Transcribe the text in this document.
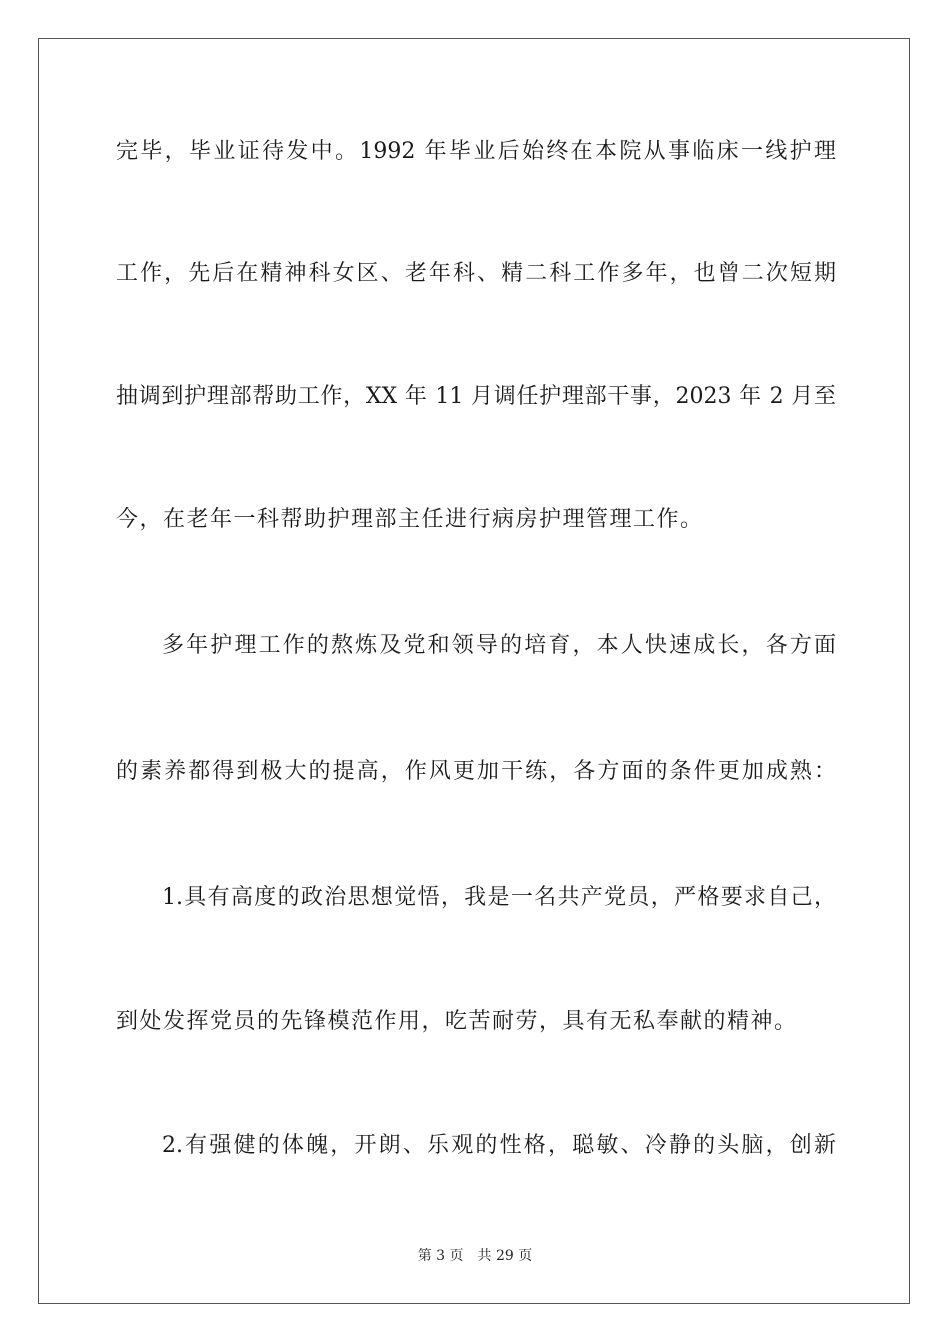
完毕，毕业证待发中。1992 年毕业后始终在本院从事临床一线护理
工作，先后在精神科女区、老年科、精二科工作多年，也曾二次短期
抽调到护理部帮助工作，XX 年 11 月调任护理部干事，2023 年 2 月至
今，在老年一科帮助护理部主任进行病房护理管理工作。
多年护理工作的熬炼及党和领导的培育，本人快速成长，各方面
的素养都得到极大的提高，作风更加干练，各方面的条件更加成熟：
1.具有高度的政治思想觉悟，我是一名共产党员，严格要求自己，
到处发挥党员的先锋模范作用，吃苦耐劳，具有无私奉献的精神。
2.有强健的体魄，开朗、乐观的性格，聪敏、冷静的头脑，创新
第 3 页 共 29 页
